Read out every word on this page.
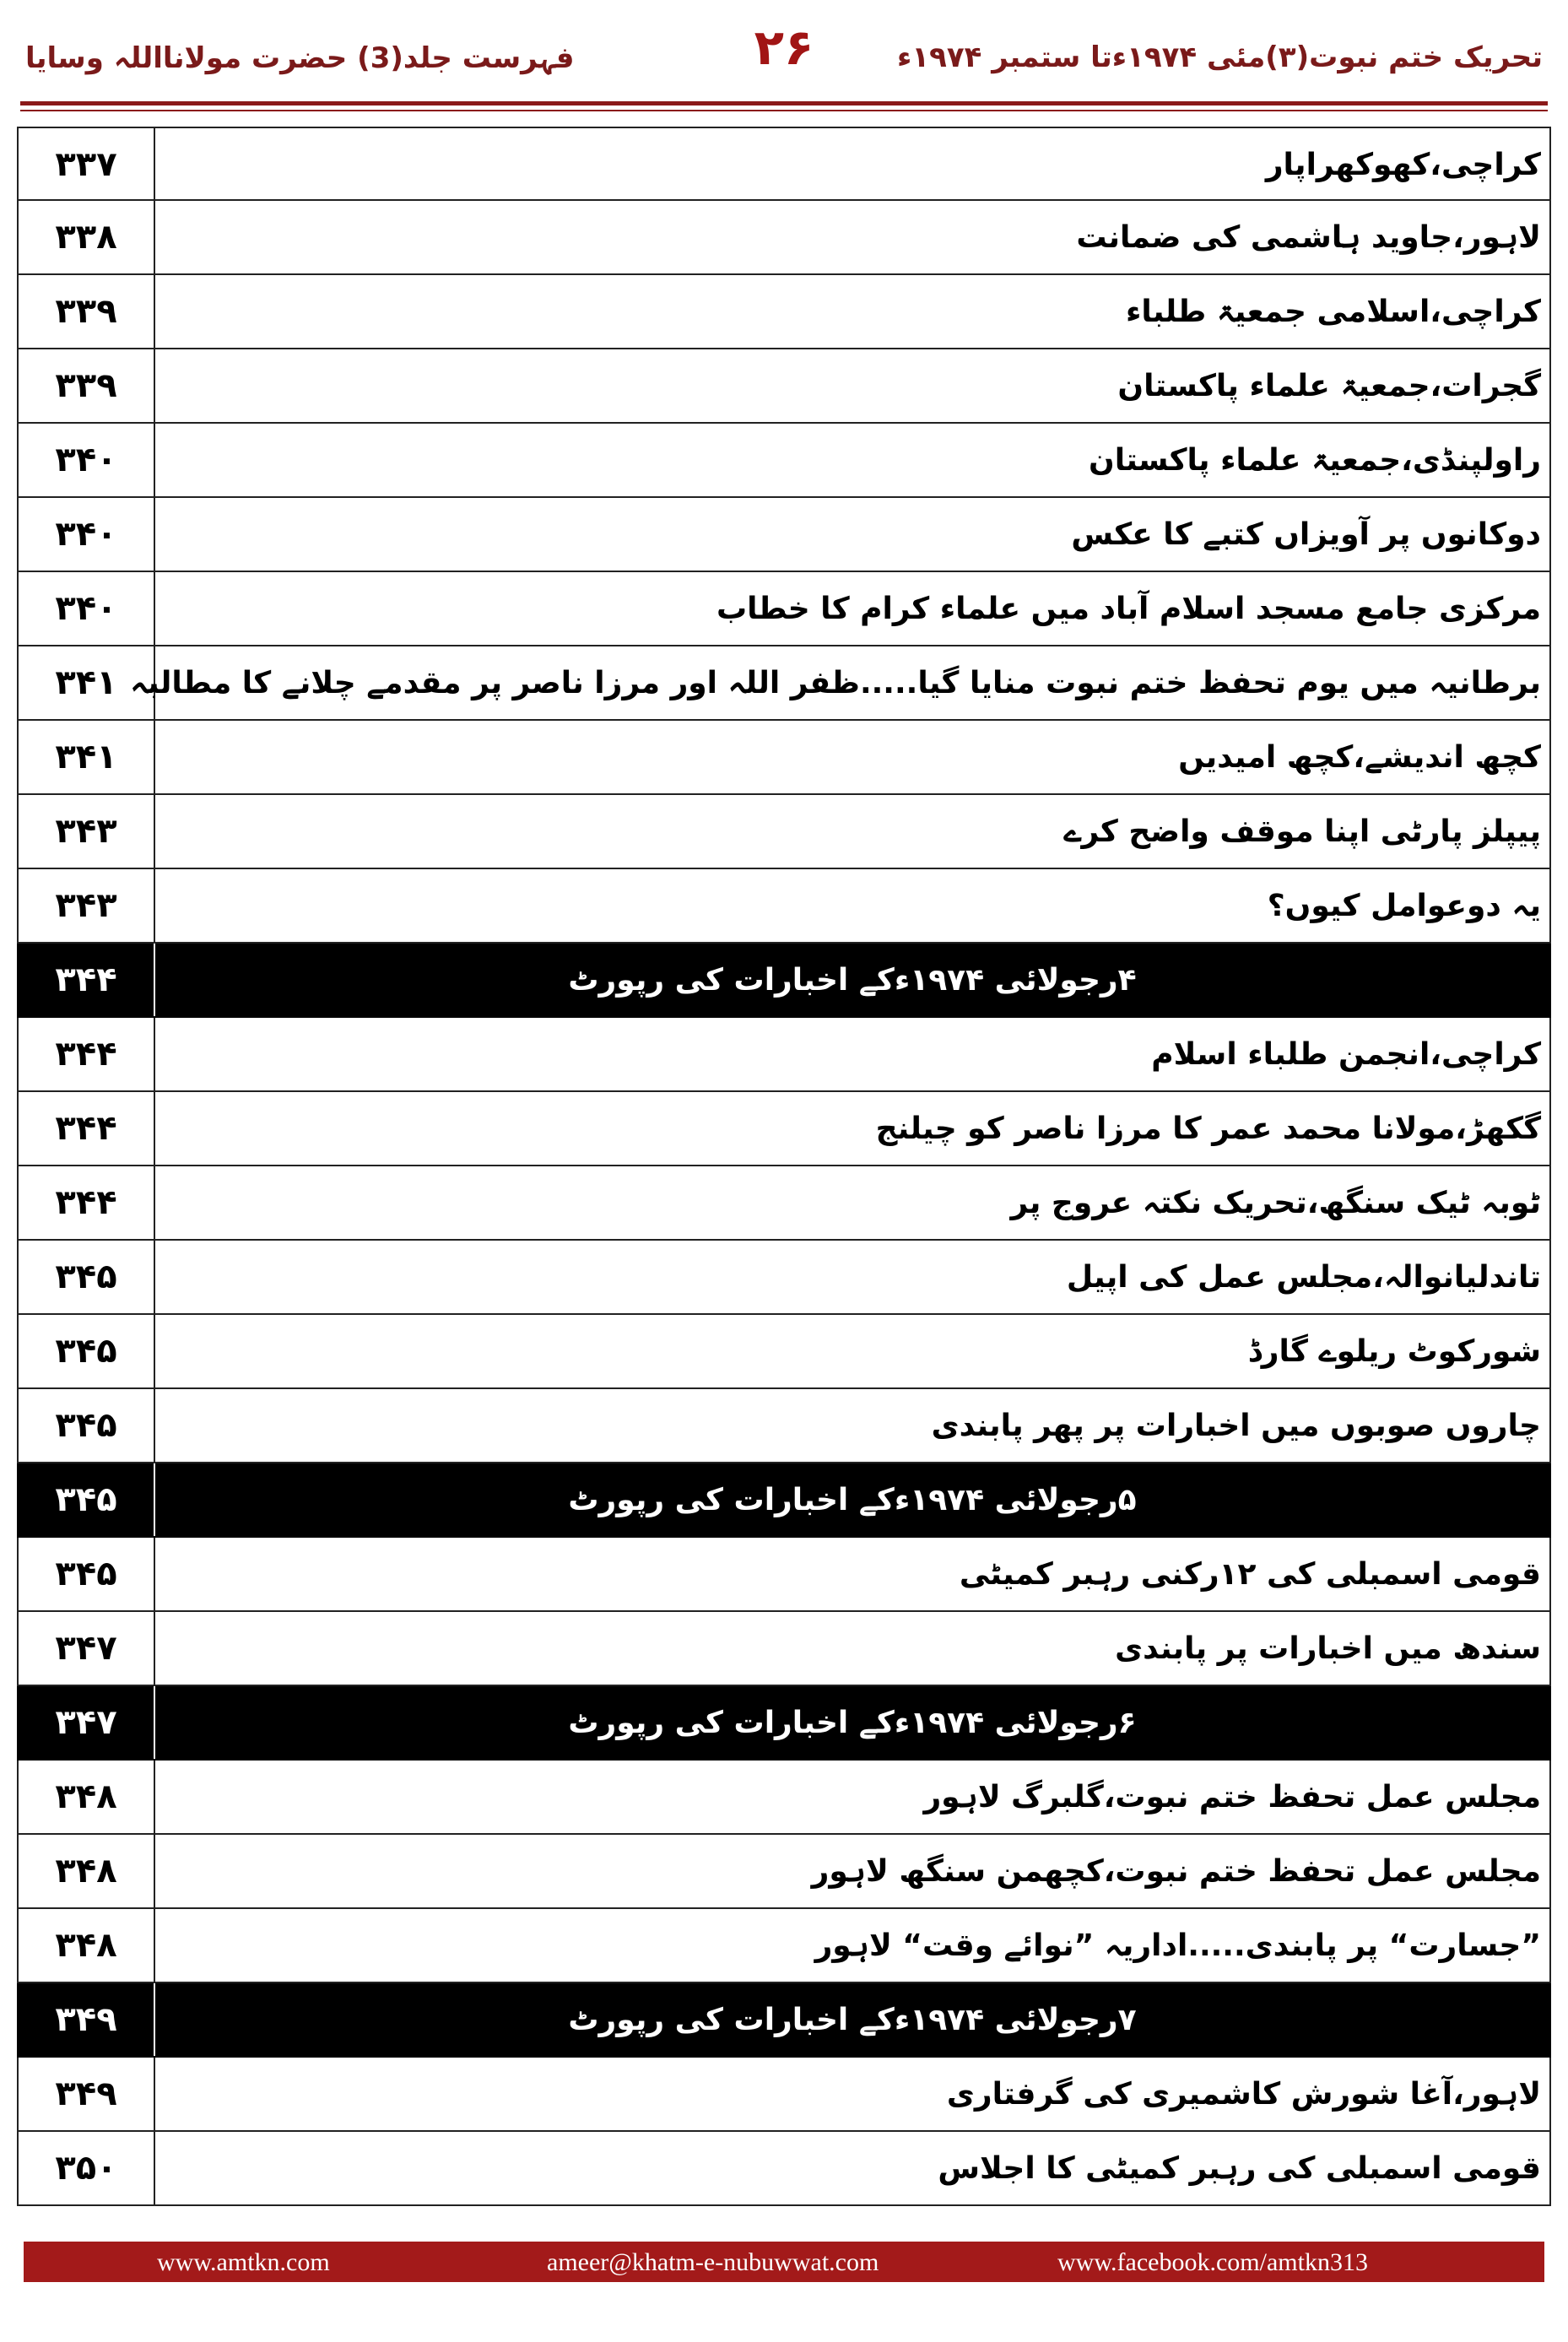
فہرست جلد(3) حضرت مولانااللہ وسایا	۲۶	تحریک ختم نبوت(۳)مئی ۱۹۷۴ءتا ستمبر ۱۹۷۴ء
۳۳۷	کراچی،کھوکھراپار
۳۳۸	لاہور،جاوید ہاشمی کی ضمانت
۳۳۹	کراچی،اسلامی جمعیۃ طلباء
۳۳۹	گجرات،جمعیۃ علماء پاکستان
۳۴۰	راولپنڈی،جمعیۃ علماء پاکستان
۳۴۰	دوکانوں پر آویزاں کتبے کا عکس
۳۴۰	مرکزی جامع مسجد اسلام آباد میں علماء کرام کا خطاب
۳۴۱ برطانیہ میں یوم تحفظ ختم نبوت منایا گیا.....ظفر اللہ اور مرزا ناصر پر مقدمے چلانے کا مطالبہ
۳۴۱	کچھ اندیشے،کچھ امیدیں
۳۴۳	پیپلز پارٹی اپنا موقف واضح کرے
۳۴۳	یہ دوعوامل کیوں؟
۳۴۴	۴رجولائی ۱۹۷۴ءکے اخبارات کی رپورٹ
۳۴۴	کراچی،انجمن طلباء اسلام
۳۴۴	گکھڑ،مولانا محمد عمر کا مرزا ناصر کو چیلنج
۳۴۴	ٹوبہ ٹیک سنگھ،تحریک نکتہ عروج پر
۳۴۵	تاندلیانوالہ،مجلس عمل کی اپیل
۳۴۵	شورکوٹ ریلوے گارڈ
۳۴۵	چاروں صوبوں میں اخبارات پر پھر پابندی
۳۴۵	۵رجولائی ۱۹۷۴ءکے اخبارات کی رپورٹ
۳۴۵	قومی اسمبلی کی ۱۲رکنی رہبر کمیٹی
۳۴۷	سندھ میں اخبارات پر پابندی
۳۴۷	۶رجولائی ۱۹۷۴ءکے اخبارات کی رپورٹ
۳۴۸	مجلس عمل تحفظ ختم نبوت،گلبرگ لاہور
۳۴۸	مجلس عمل تحفظ ختم نبوت،کچھمن سنگھ لاہور
۳۴۸	”جسارت“ پر پابندی.....اداریہ ”نوائے وقت“ لاہور
۳۴۹	۷رجولائی ۱۹۷۴ءکے اخبارات کی رپورٹ
۳۴۹	لاہور،آغا شورش کاشمیری کی گرفتاری
۳۵۰	قومی اسمبلی کی رہبر کمیٹی کا اجلاس
www.amtkn.com	ameer@khatm-e-nubuwwat.com	www.facebook.com/amtkn313
